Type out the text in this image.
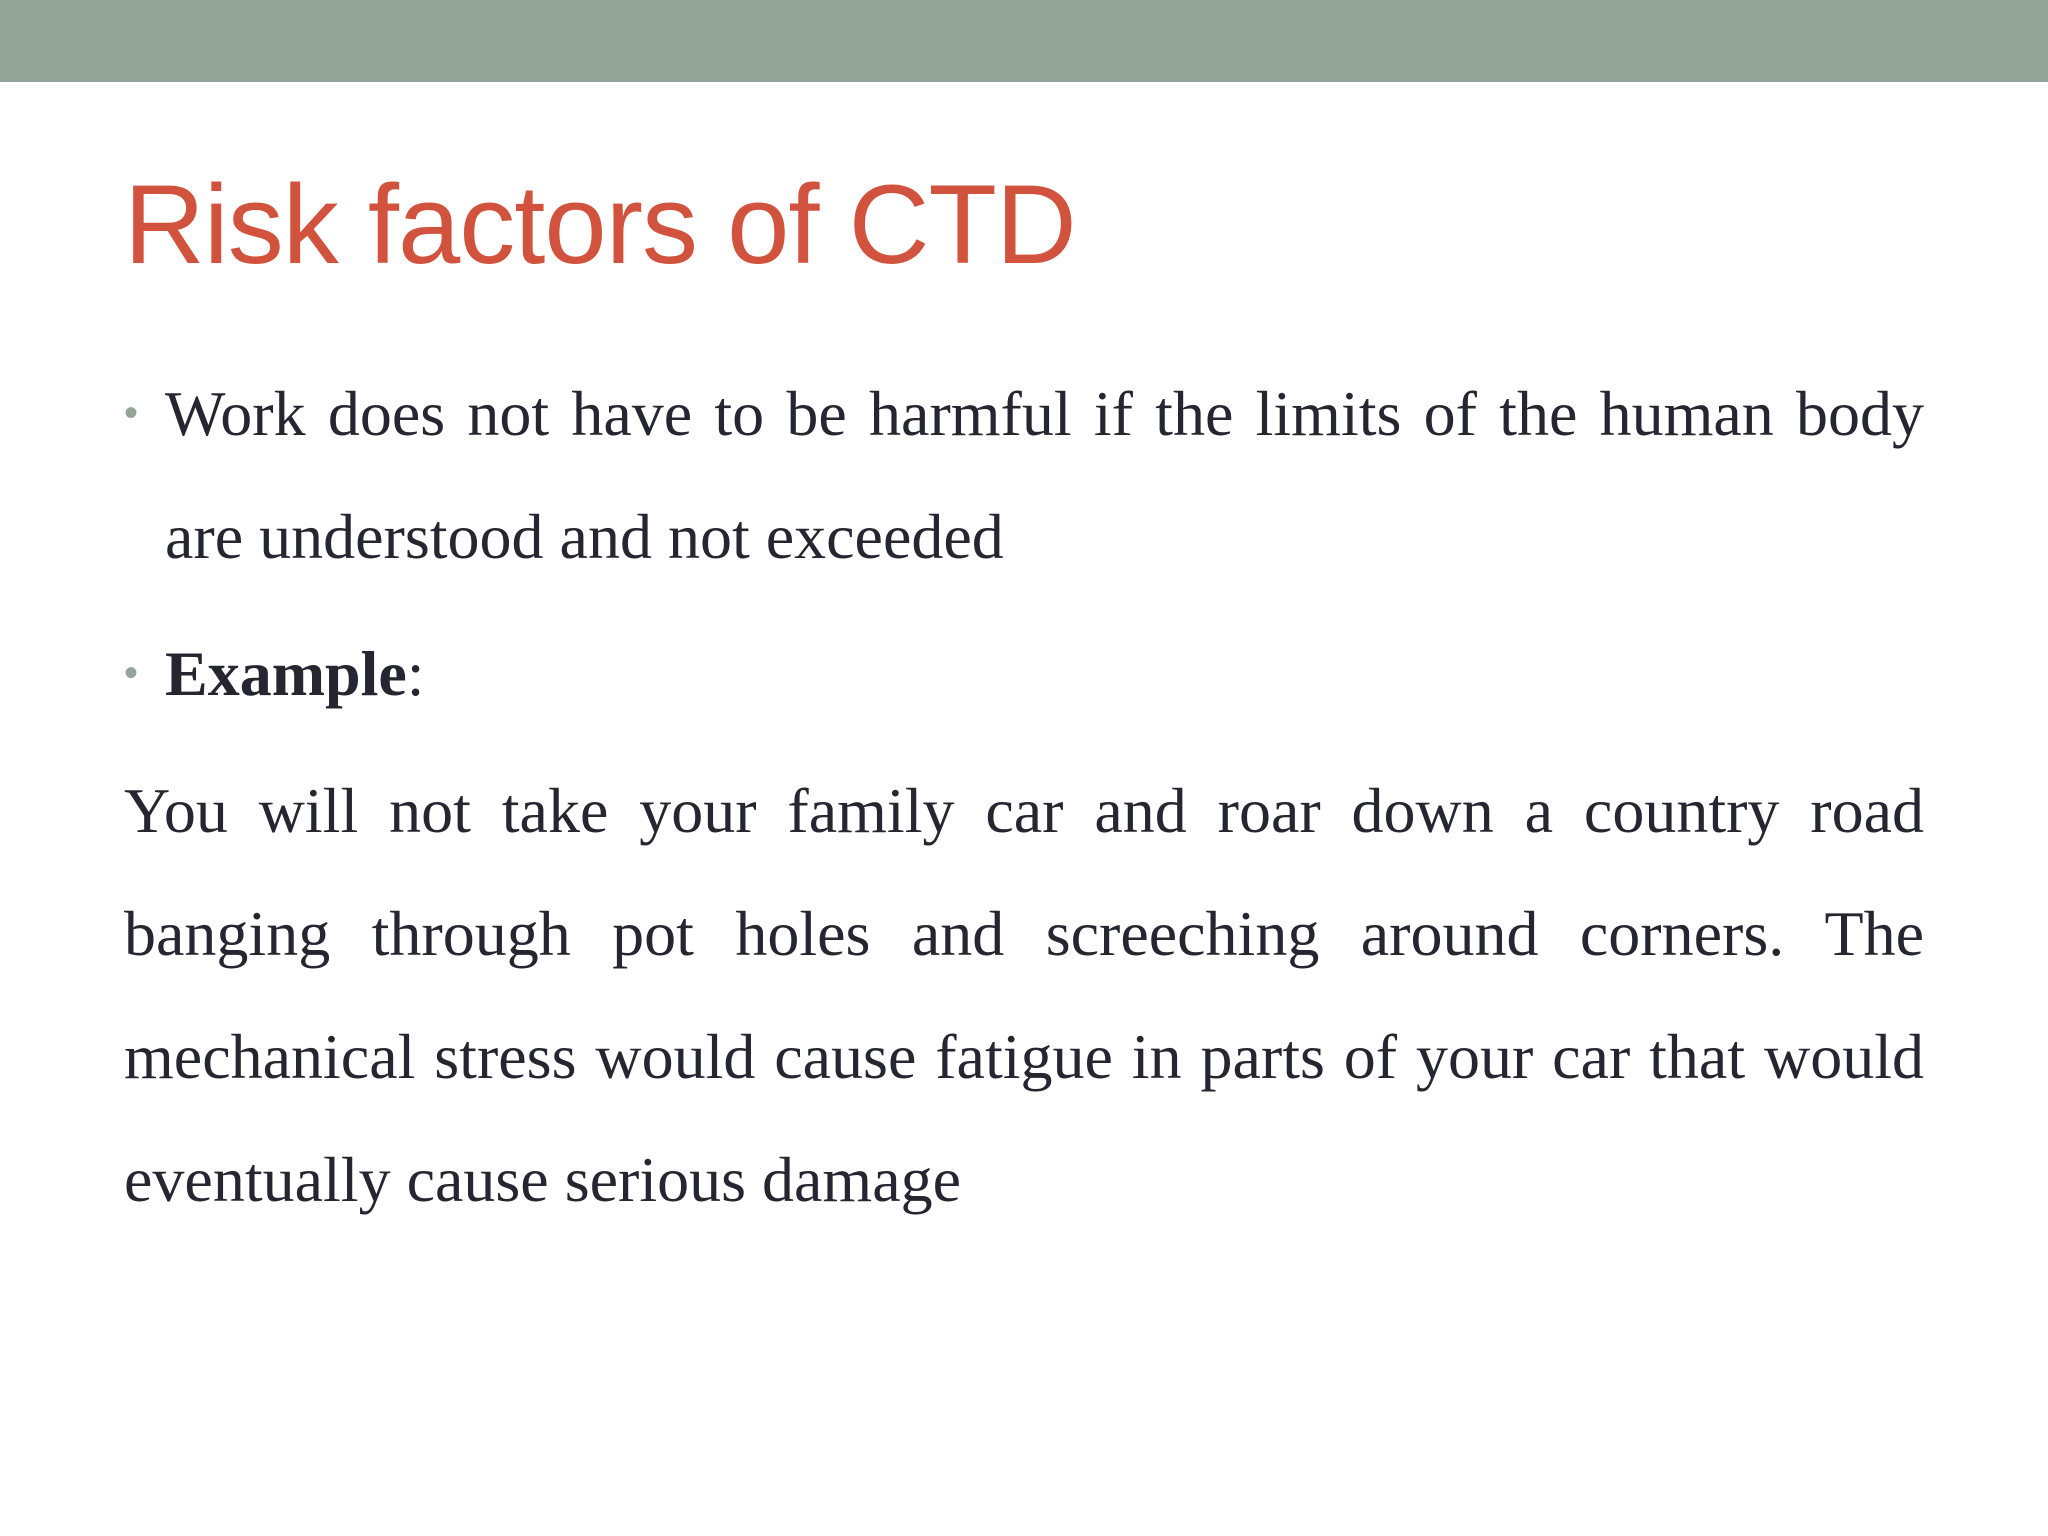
Risk factors of CTD
• Work does not have to be harmful if the limits of the human body are understood and not exceeded
• Example:

You will not take your family car and roar down a country road banging through pot holes and screeching around corners. The mechanical stress would cause fatigue in parts of your car that would eventually cause serious damage
